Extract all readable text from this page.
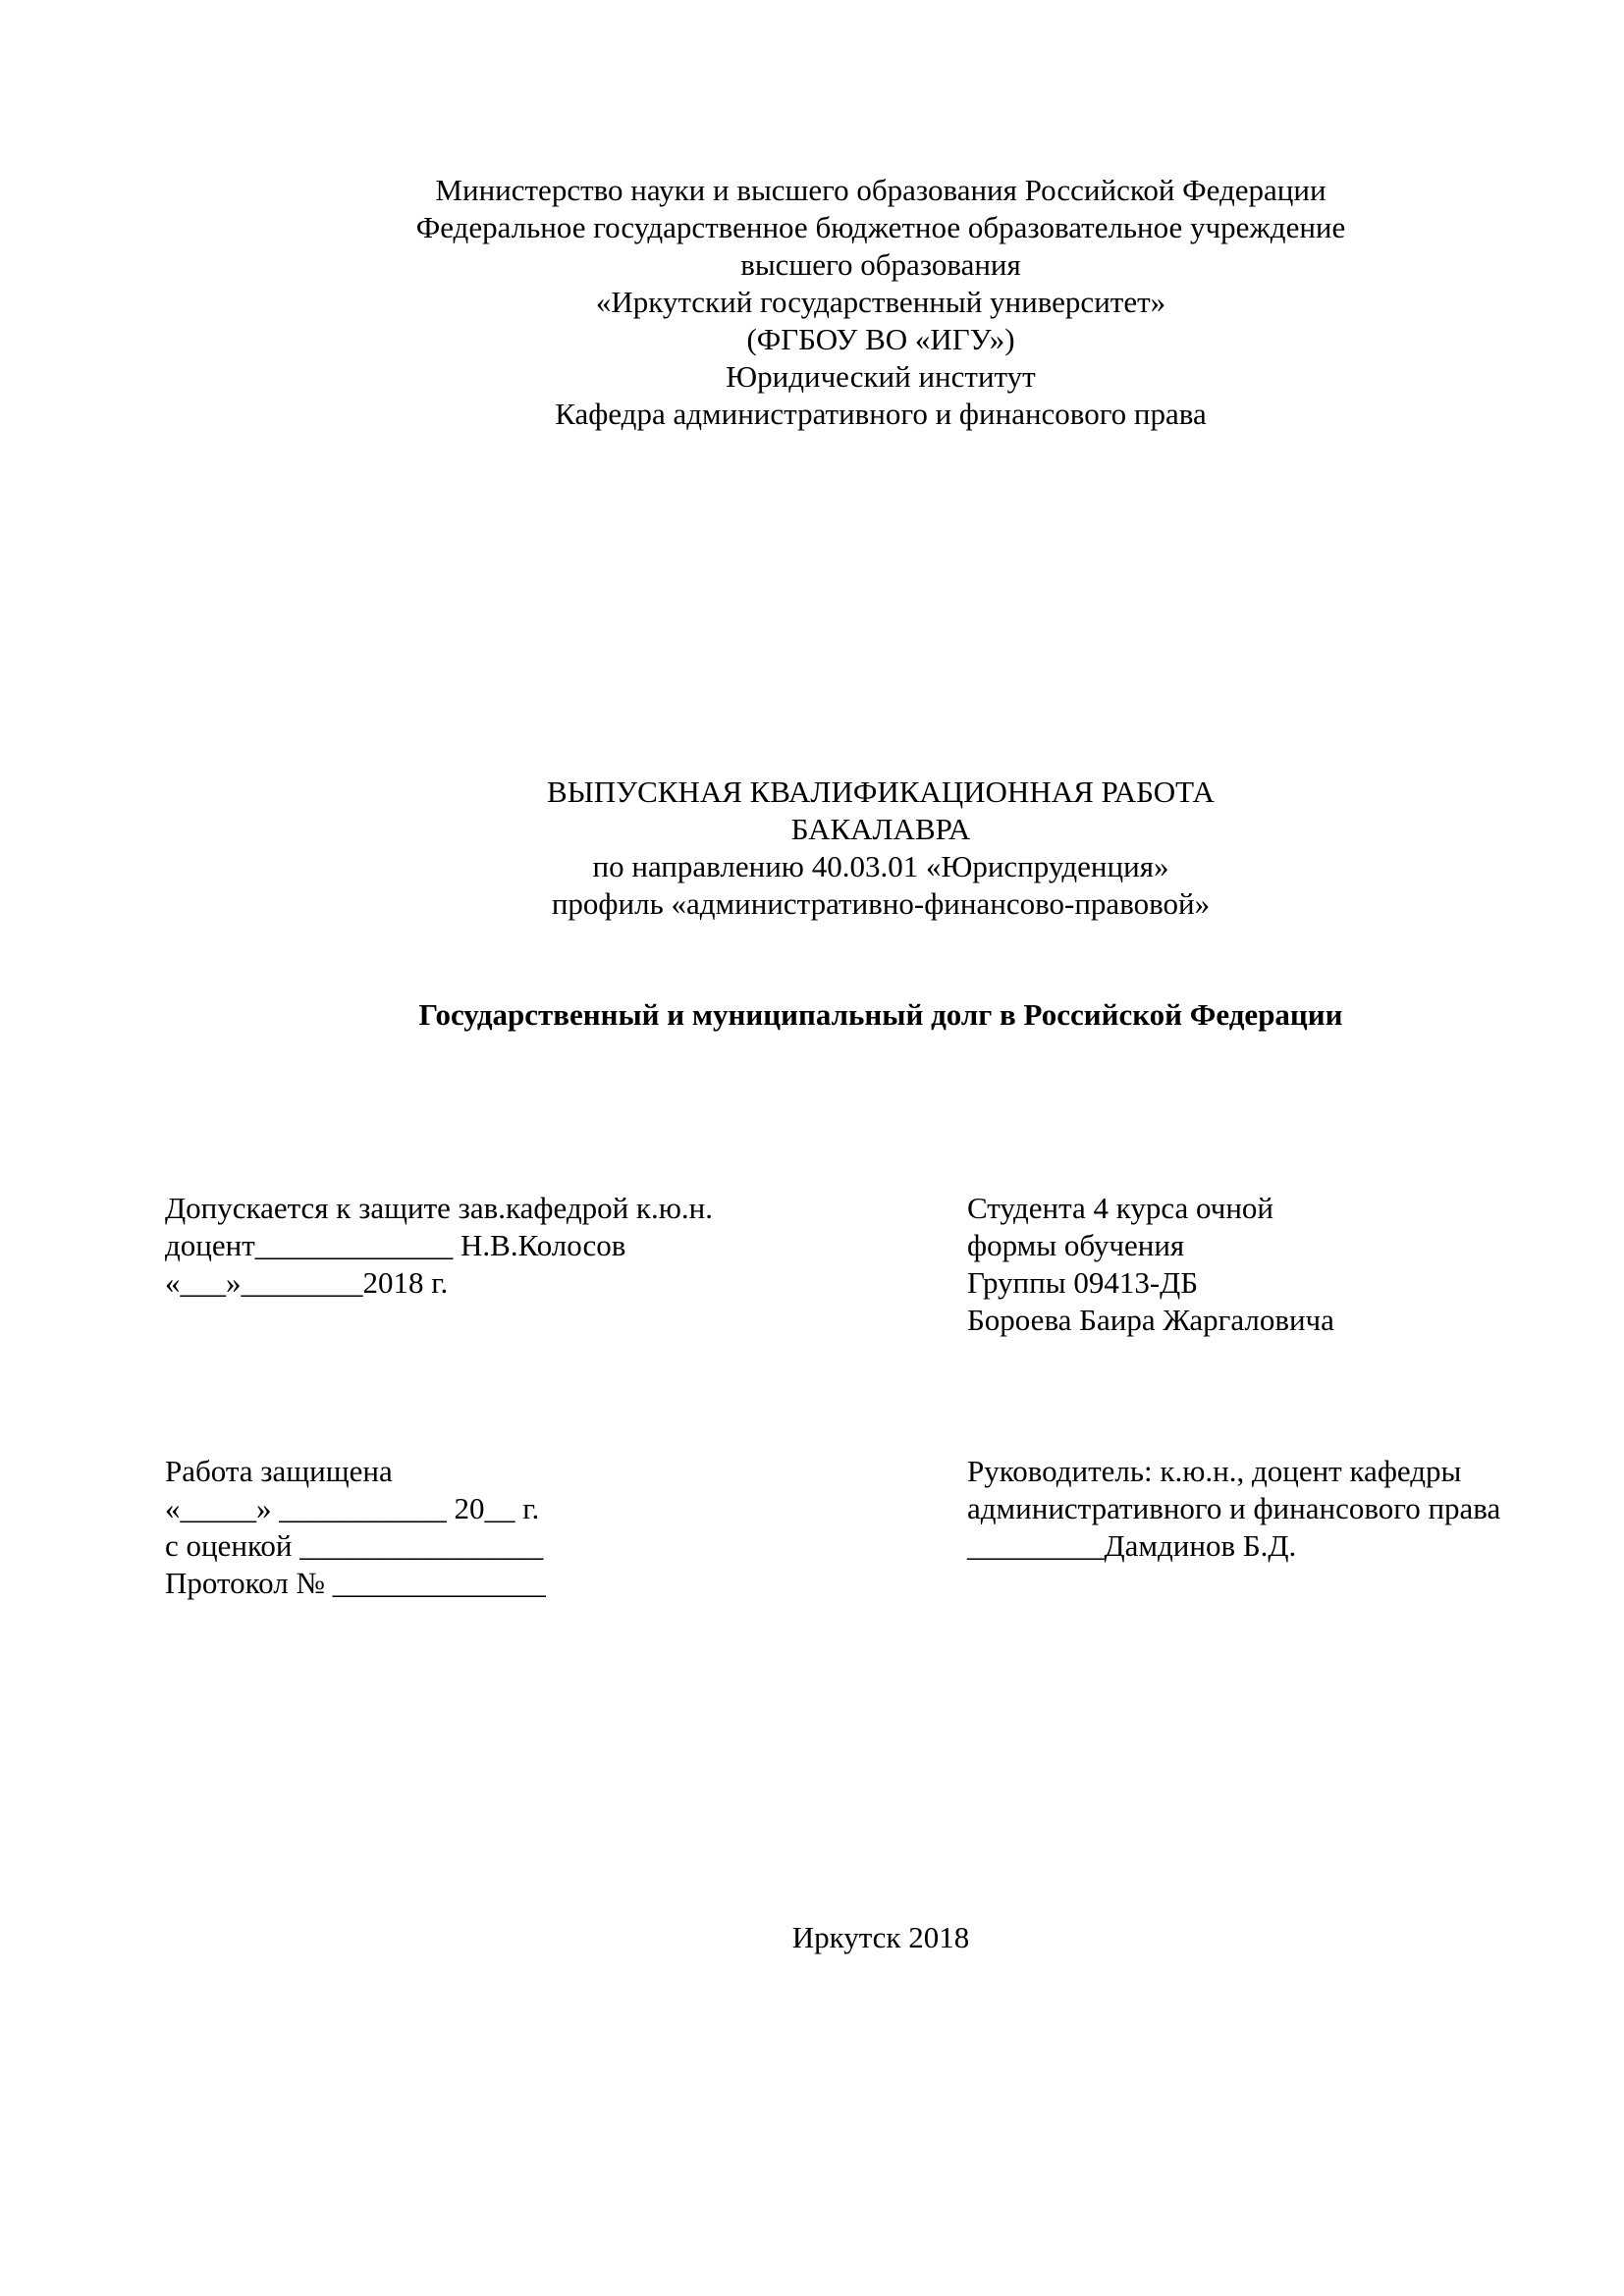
Министерство науки и высшего образования Российской Федерации
Федеральное государственное бюджетное образовательное учреждение
высшего образования
«Иркутский государственный университет»
(ФГБОУ ВО «ИГУ»)
Юридический институт
Кафедра административного и финансового права
ВЫПУСКНАЯ КВАЛИФИКАЦИОННАЯ РАБОТА
БАКАЛАВРА
по направлению 40.03.01 «Юриспруденция»
профиль «административно-финансово-правовой»
Государственный и муниципальный долг в Российской Федерации
Допускается к защите зав.кафедрой к.ю.н.
доцент_____________ Н.В.Колосов
«___»________2018 г.
Студента 4 курса очной
формы обучения
Группы 09413-ДБ
Бороева Баира Жаргаловича
Работа защищена
«_____» ___________ 20__ г.
с оценкой ________________
Протокол № ______________
Руководитель: к.ю.н., доцент кафедры
административного и финансового права
_________Дамдинов Б.Д.
Иркутск 2018
